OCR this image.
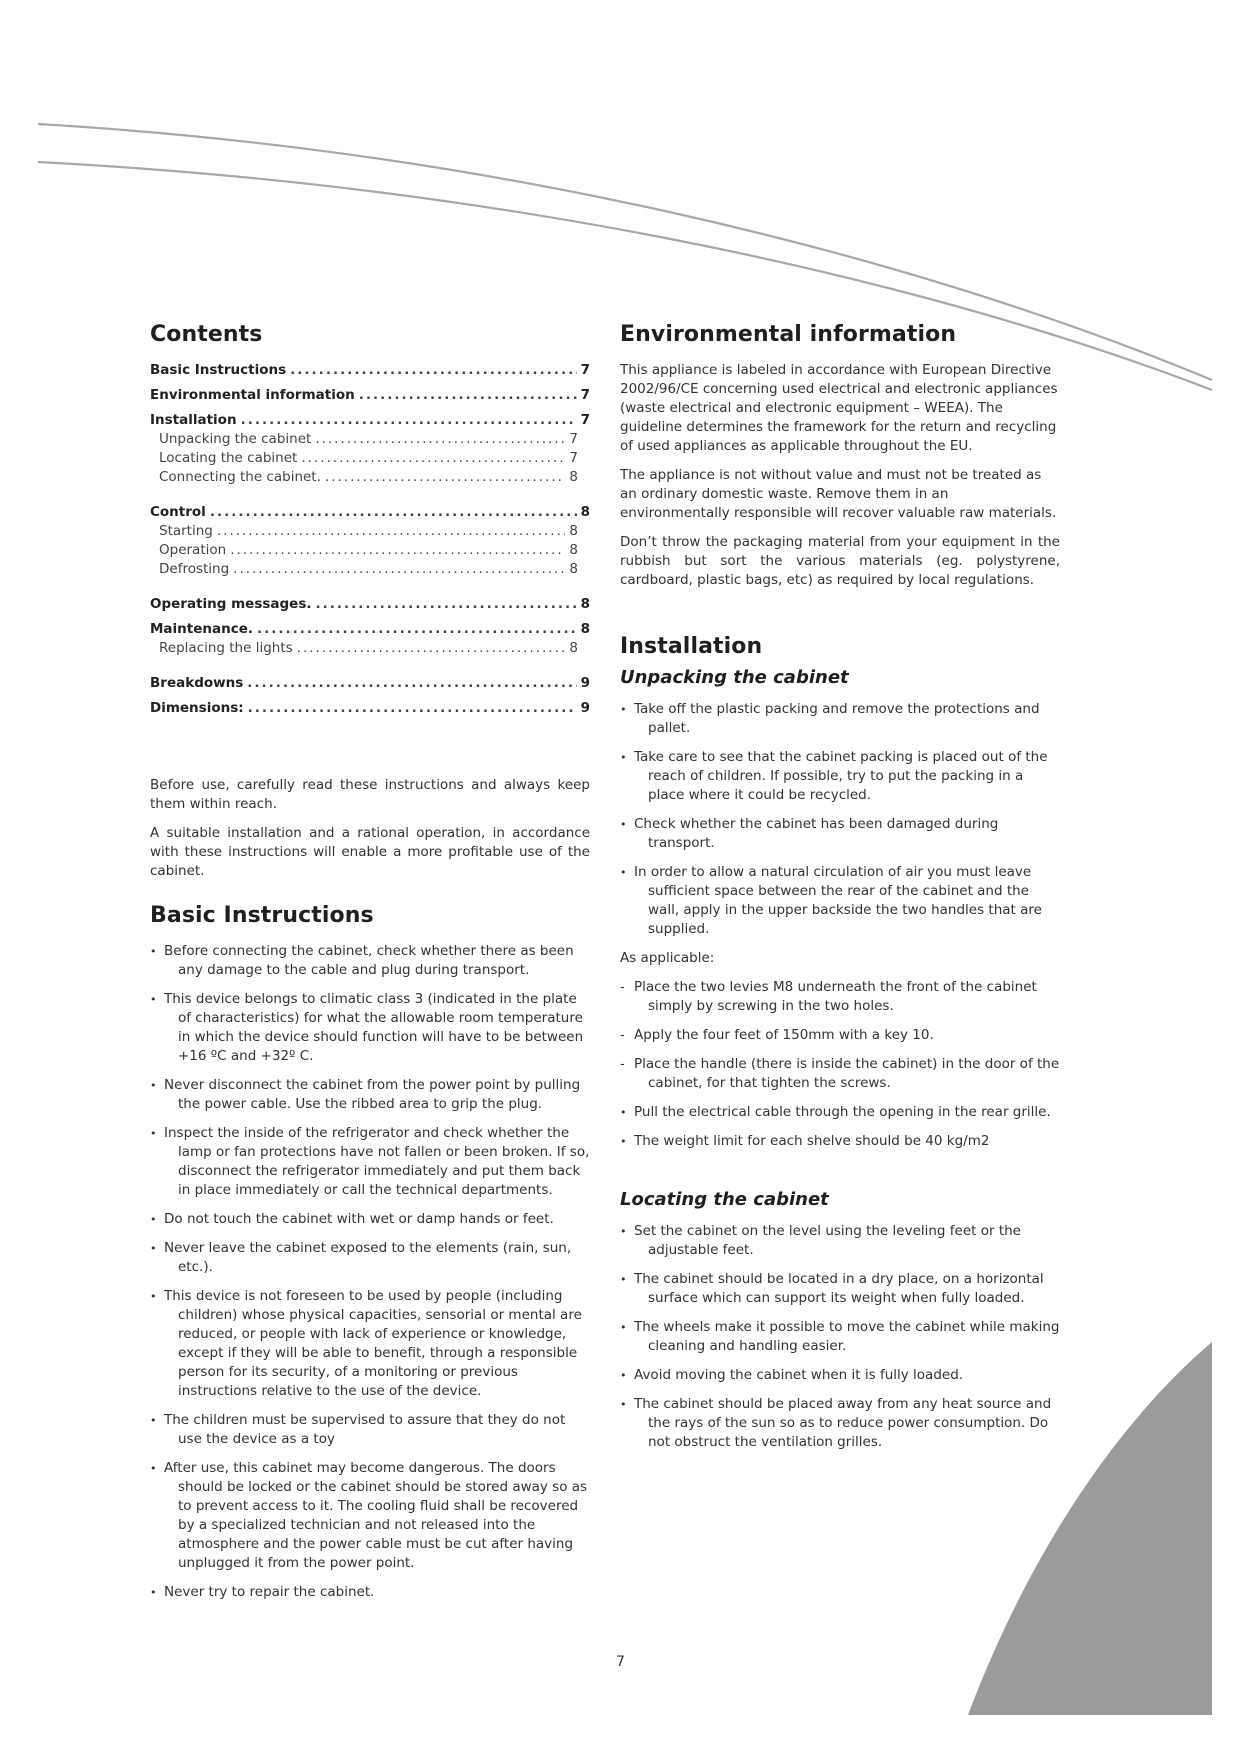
Contents
Basic Instructions .....	7
Environmental information .....	7
Installation .....	7
Unpacking the cabinet .....	7
Locating the cabinet .....	7
Connecting the cabinet. .....	8
Control .....	8
Starting .....	8
Operation .....	8
Defrosting .....	8
Operating messages. .....	8
Maintenance. .....	8
Replacing the lights .....	8
Breakdowns .....	9
Dimensions: .....	9

Before use, carefully read these instructions and always keep them within reach.

A suitable installation and a rational operation, in accordance with these instructions will enable a more profitable use of the cabinet.

Basic Instructions
• Before connecting the cabinet, check whether there as been any damage to the cable and plug during transport.
• This device belongs to climatic class 3 (indicated in the plate of characteristics) for what the allowable room temperature in which the device should function will have to be between +16 ºC and +32º C.
• Never disconnect the cabinet from the power point by pulling the power cable. Use the ribbed area to grip the plug.
• Inspect the inside of the refrigerator and check whether the lamp or fan protections have not fallen or been broken. If so, disconnect the refrigerator immediately and put them back in place immediately or call the technical departments.
• Do not touch the cabinet with wet or damp hands or feet.
• Never leave the cabinet exposed to the elements (rain, sun, etc.).
• This device is not foreseen to be used by people (including children) whose physical capacities, sensorial or mental are reduced, or people with lack of experience or knowledge, except if they will be able to benefit, through a responsible person for its security, of a monitoring or previous instructions relative to the use of the device.
• The children must be supervised to assure that they do not use the device as a toy
• After use, this cabinet may become dangerous. The doors should be locked or the cabinet should be stored away so as to prevent access to it. The cooling fluid shall be recovered by a specialized technician and not released into the atmosphere and the power cable must be cut after having unplugged it from the power point.
• Never try to repair the cabinet.
Environmental information

This appliance is labeled in accordance with European Directive 2002/96/CE concerning used electrical and electronic appliances (waste electrical and electronic equipment – WEEA). The guideline determines the framework for the return and recycling of used appliances as applicable throughout the EU.

The appliance is not without value and must not be treated as an ordinary domestic waste. Remove them in an environmentally responsible will recover valuable raw materials.

Don’t throw the packaging material from your equipment in the rubbish but sort the various materials (eg. polystyrene, cardboard, plastic bags, etc) as required by local regulations.

Installation
Unpacking the cabinet
• Take off the plastic packing and remove the protections and pallet.
• Take care to see that the cabinet packing is placed out of the reach of children. If possible, try to put the packing in a place where it could be recycled.
• Check whether the cabinet has been damaged during transport.
• In order to allow a natural circulation of air you must leave sufficient space between the rear of the cabinet and the wall, apply in the upper backside the two handles that are supplied.

As applicable:

- Place the two levies M8 underneath the front of the cabinet simply by screwing in the two holes.
- Apply the four feet of 150mm with a key 10.
- Place the handle (there is inside the cabinet) in the door of the cabinet, for that tighten the screws.
• Pull the electrical cable through the opening in the rear grille.
• The weight limit for each shelve should be 40 kg/m2
Locating the cabinet
• Set the cabinet on the level using the leveling feet or the adjustable feet.
• The cabinet should be located in a dry place, on a horizontal surface which can support its weight when fully loaded.
• The wheels make it possible to move the cabinet while making cleaning and handling easier.
• Avoid moving the cabinet when it is fully loaded.
• The cabinet should be placed away from any heat source and the rays of the sun so as to reduce power consumption. Do not obstruct the ventilation grilles.
7
